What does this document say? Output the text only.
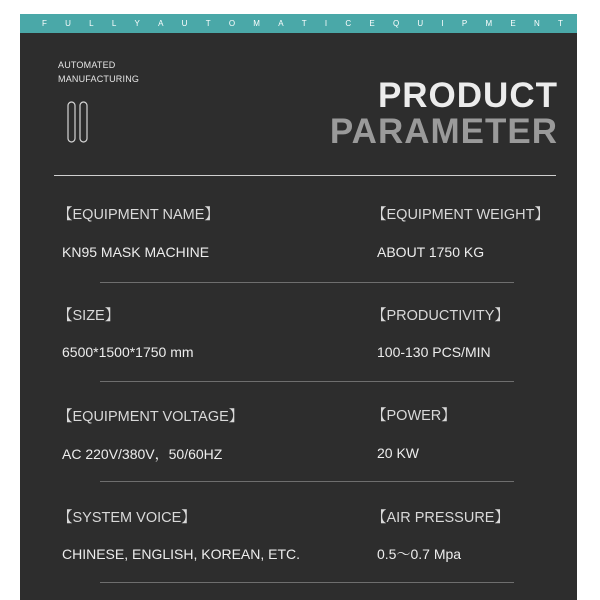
F U L L Y A U T O M A T I C E Q U I P M E N T
AUTOMATED
MANUFACTURING	PRODUCT
PARAMETER
【EQUIPMENT NAME】
KN95 MASK MACHINE
【EQUIPMENT WEIGHT】
ABOUT 1750 KG
【SIZE】
6500*1500*1750 mm
【PRODUCTIVITY】
100-130 PCS/MIN
【EQUIPMENT VOLTAGE】
AC 220V/380V，50/60HZ
【POWER】
20 KW
【SYSTEM VOICE】
CHINESE, ENGLISH, KOREAN, ETC.
【AIR PRESSURE】
0.5～0.7 Mpa
